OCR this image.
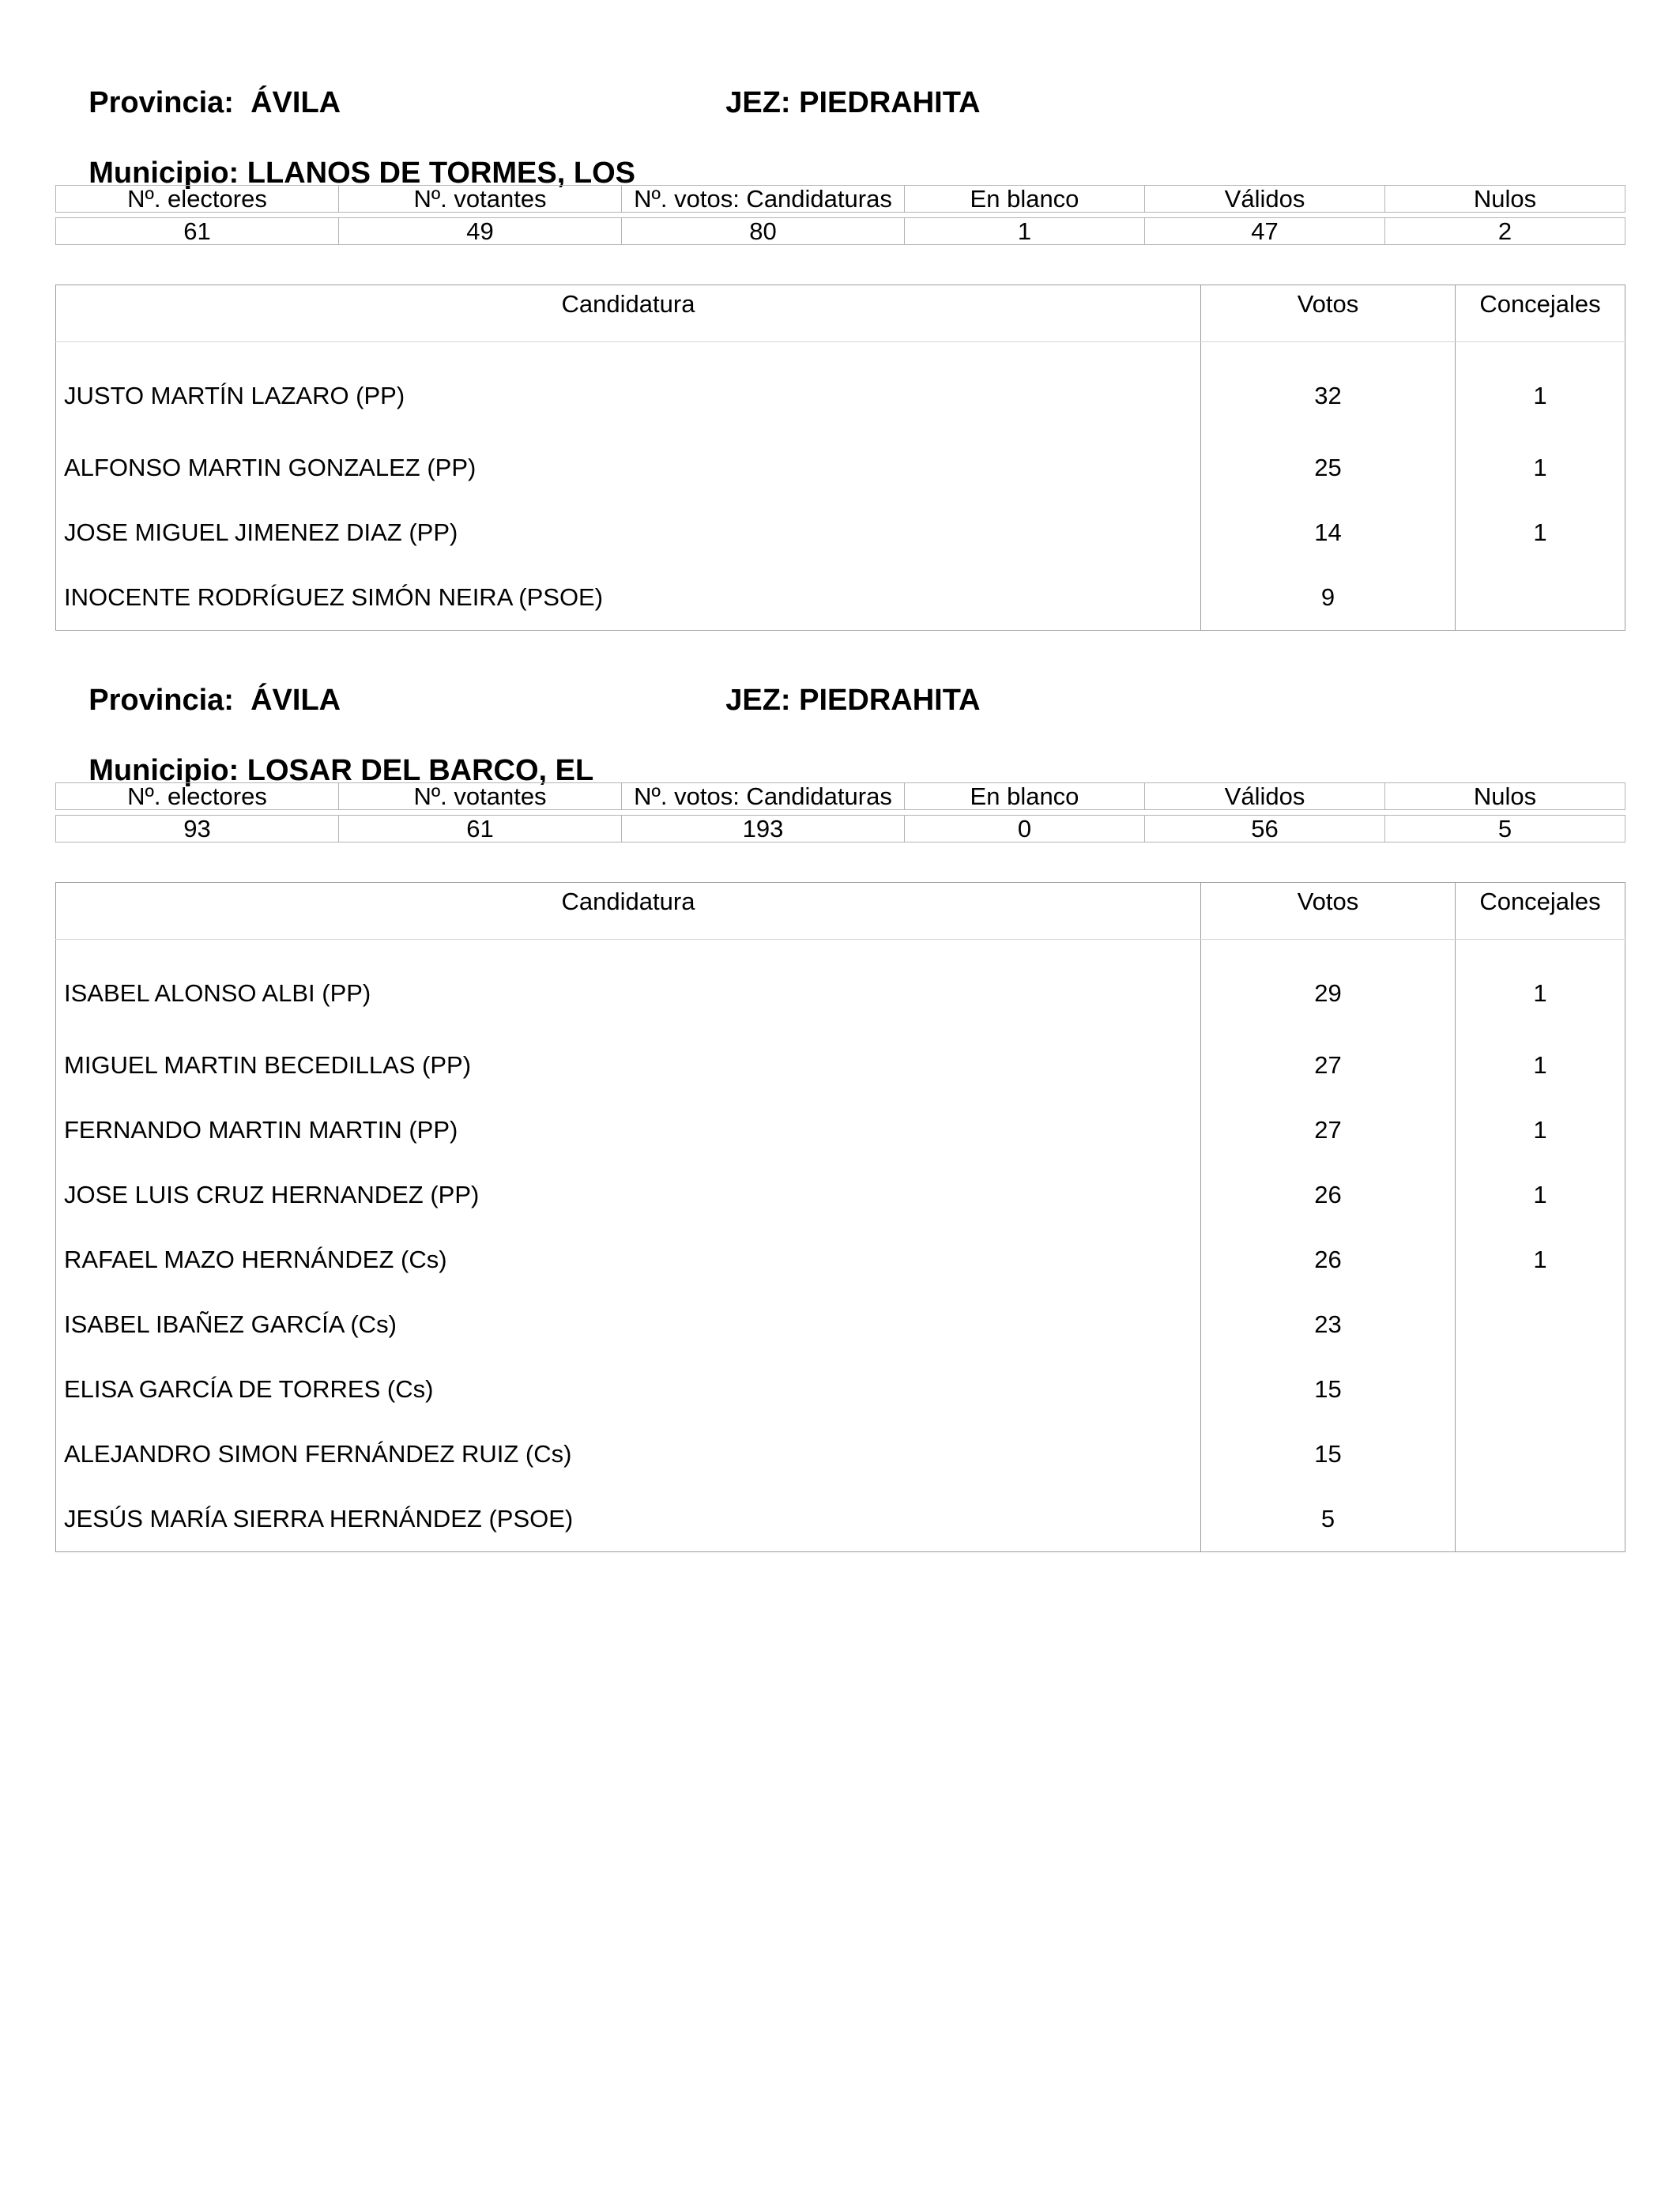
Provincia: ÁVILA
	JEZ: PIEDRAHITA

Municipio: LLANOS DE TORMES, LOS

Nº. electores	Nº. votantes	Nº. votos: Candidaturas	En blanco	Válidos	Nulos

61	49	80	1	47	2
Candidatura	Votos	Concejales
JUSTO MARTÍN LAZARO (PP)	32	1
ALFONSO MARTIN GONZALEZ (PP)	25	1
JOSE MIGUEL JIMENEZ DIAZ (PP)	14	1
INOCENTE RODRÍGUEZ SIMÓN NEIRA (PSOE)	9	

Provincia: ÁVILA
	JEZ: PIEDRAHITA

Municipio: LOSAR DEL BARCO, EL

Nº. electores	Nº. votantes	Nº. votos: Candidaturas	En blanco	Válidos	Nulos

93	61	193	0	56	5
Candidatura	Votos	Concejales
ISABEL ALONSO ALBI (PP)	29	1
MIGUEL MARTIN BECEDILLAS (PP)	27	1
FERNANDO MARTIN MARTIN (PP)	27	1
JOSE LUIS CRUZ HERNANDEZ (PP)	26	1
RAFAEL MAZO HERNÁNDEZ (Cs)	26	1
ISABEL IBAÑEZ GARCÍA (Cs)	23	
ELISA GARCÍA DE TORRES (Cs)	15	
ALEJANDRO SIMON FERNÁNDEZ RUIZ (Cs)	15	
JESÚS MARÍA SIERRA HERNÁNDEZ (PSOE)	5	
